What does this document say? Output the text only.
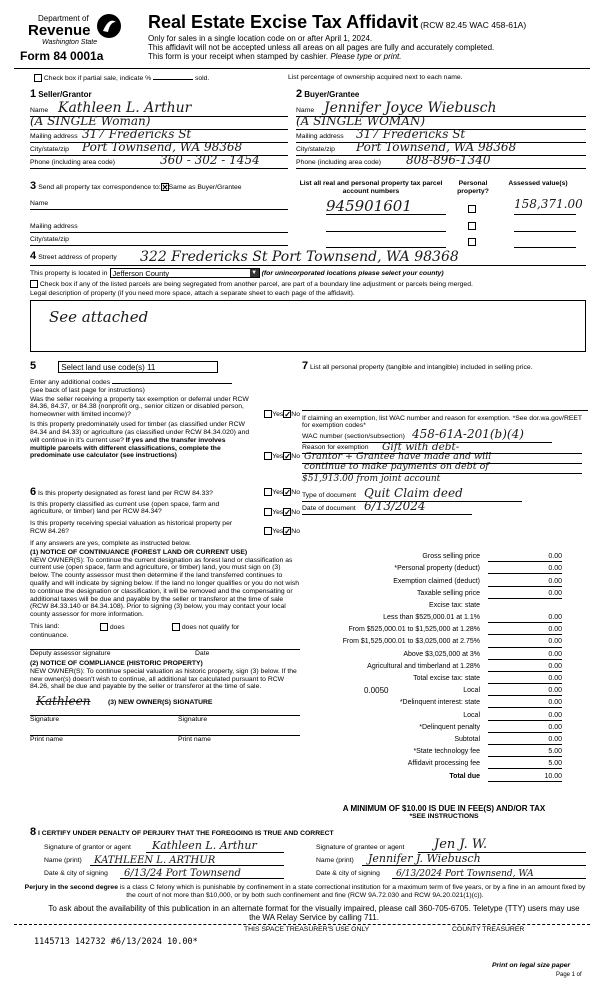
Department of
Revenue
Washington State
Form 84 0001a
Real Estate Excise Tax Affidavit (RCW 82.45 WAC 458-61A)
Only for sales in a single location code on or after April 1, 2024.
This affidavit will not be accepted unless all areas on all pages are fully and accurately completed.
This form is your receipt when stamped by cashier. Please type or print.
Check box if partial sale, indicate %	sold.	List percentage of ownership acquired next to each name.
1 Seller/Grantor
Name Kathleen L. Arthur
(A SINGLE Woman)
Mailing address 317 Fredericks St
City/state/zip Port Townsend, WA 98368
Phone (including area code)	360 - 302 - 1454
2 Buyer/Grantee
Name Jennifer Joyce Wiebusch
(A SINGLE WOMAN)
Mailing address 317 Fredericks St
City/state/zip Port Townsend, WA 98368
Phone (including area code) 808-896-1340
3 Send all property tax correspondence to:✕Same as Buyer/Grantee
Name
Mailing address
City/state/zip
List all real and personal property tax parcel account numbers
Personal property?
Assessed value(s)
945901601	158,371.00
4 Street address of property 322 Fredericks St Port Townsend, WA 98368
This property is located in Jefferson County	▼ (for unincorporated locations please select your county)
Check box if any of the listed parcels are being segregated from another parcel, are part of a boundary line adjustment or parcels being merged.
Legal description of property (if you need more space, attach a separate sheet to each page of the affidavit).
See attached
5	Select land use code(s) 11
Enter any additional codes
(see back of last page for instructions)
Was the seller receiving a property tax exemption or deferral under RCW 84.36, 84.37, or 84.38 (nonprofit org., senior citizen or disabled person, homeowner with limited income)?	Yes✓No
Is this property predominately used for timber (as classified under RCW 84.34 and 84.33) or agriculture (as classified under RCW 84.34.020) and will continue in it's current use? If yes and the transfer involves multiple parcels with different classifications, complete the predominate use calculator (see instructions)	Yes✓No
6 Is this property designated as forest land per RCW 84.33?	Yes✓No
Is this property classified as current use (open space, farm and agriculture, or timber) land per RCW 84.34?	Yes✓No
Is this property receiving special valuation as historical property per RCW 84.26?	Yes✓No
If any answers are yes, complete as instructed below.
(1) NOTICE OF CONTINUANCE (FOREST LAND OR CURRENT USE)
NEW OWNER(S): To continue the current designation as forest land or classification as current use (open space, farm and agriculture, or timber) land, you must sign on (3) below. The county assessor must then determine if the land transferred continues to qualify and will indicate by signing below. If the land no longer qualifies or you do not wish to continue the designation or classification, it will be removed and the compensating or additional taxes will be due and payable by the seller or transferor at the time of sale (RCW 84.33.140 or 84.34.108). Prior to signing (3) below, you may contact your local county assessor for more information.
This land:	does	does not qualify for
continuance.
Deputy assessor signature	Date
(2) NOTICE OF COMPLIANCE (HISTORIC PROPERTY)
NEW OWNER(S): To continue special valuation as historic property, sign (3) below. If the new owner(s) doesn't wish to continue, all additional tax calculated pursuant to RCW 84.26, shall be due and payable by the seller or transferor at the time of sale.
Kathleen	(3) NEW OWNER(S) SIGNATURE
Signature	Signature
Print name	Print name
7 List all personal property (tangible and intangible) included in selling price.
If claiming an exemption, list WAC number and reason for exemption. *See dor.wa.gov/REET for exemption codes*
WAC number (section/subsection) 458-61A-201(b)(4)
Reason for exemption Gift with debt-
Grantor + Grantee have made and will
continue to make payments on debt of
$51,913.00 from joint account
Type of document Quit Claim deed
Date of document 6/13/2024
Gross selling price	0.00
*Personal property (deduct)	0.00
Exemption claimed (deduct)	0.00
Taxable selling price	0.00
Excise tax: state
Less than $525,000.01 at 1.1%	0.00
From $525,000.01 to $1,525,000 at 1.28%	0.00
From $1,525,000.01 to $3,025,000 at 2.75%	0.00
Above $3,025,000 at 3%	0.00
Agricultural and timberland at 1.28%	0.00
Total excise tax: state	0.00
Local
0.0050	0.00
*Delinquent interest: state	0.00
Local	0.00
*Delinquent penalty	0.00
Subtotal	0.00
*State technology fee	5.00
Affidavit processing fee	5.00
Total due	10.00
A MINIMUM OF $10.00 IS DUE IN FEE(S) AND/OR TAX
*SEE INSTRUCTIONS
8 I CERTIFY UNDER PENALTY OF PERJURY THAT THE FOREGOING IS TRUE AND CORRECT
Signature of grantor or agent Kathleen L. Arthur
Name (print) KATHLEEN L. ARTHUR
Date & city of signing 6/13/24 Port Townsend
Signature of grantee or agent Jen J. W.
Name (print) Jennifer J. Wiebusch
Date & city of signing 6/13/2024 Port Townsend, WA
Perjury in the second degree is a class C felony which is punishable by confinement in a state correctional institution for a maximum term of five years, or by a fine in an amount fixed by the court of not more than $10,000, or by both such confinement and fine (RCW 9A.72.030 and RCW 9A.20.021(1)(c)).
To ask about the availability of this publication in an alternate format for the visually impaired, please call 360-705-6705. Teletype (TTY) users may use the WA Relay Service by calling 711.
THIS SPACE TREASURER'S USE ONLY	COUNTY TREASURER
1145713 142732 #6/13/2024 10.00*
Print on legal size paper
Page 1 of
